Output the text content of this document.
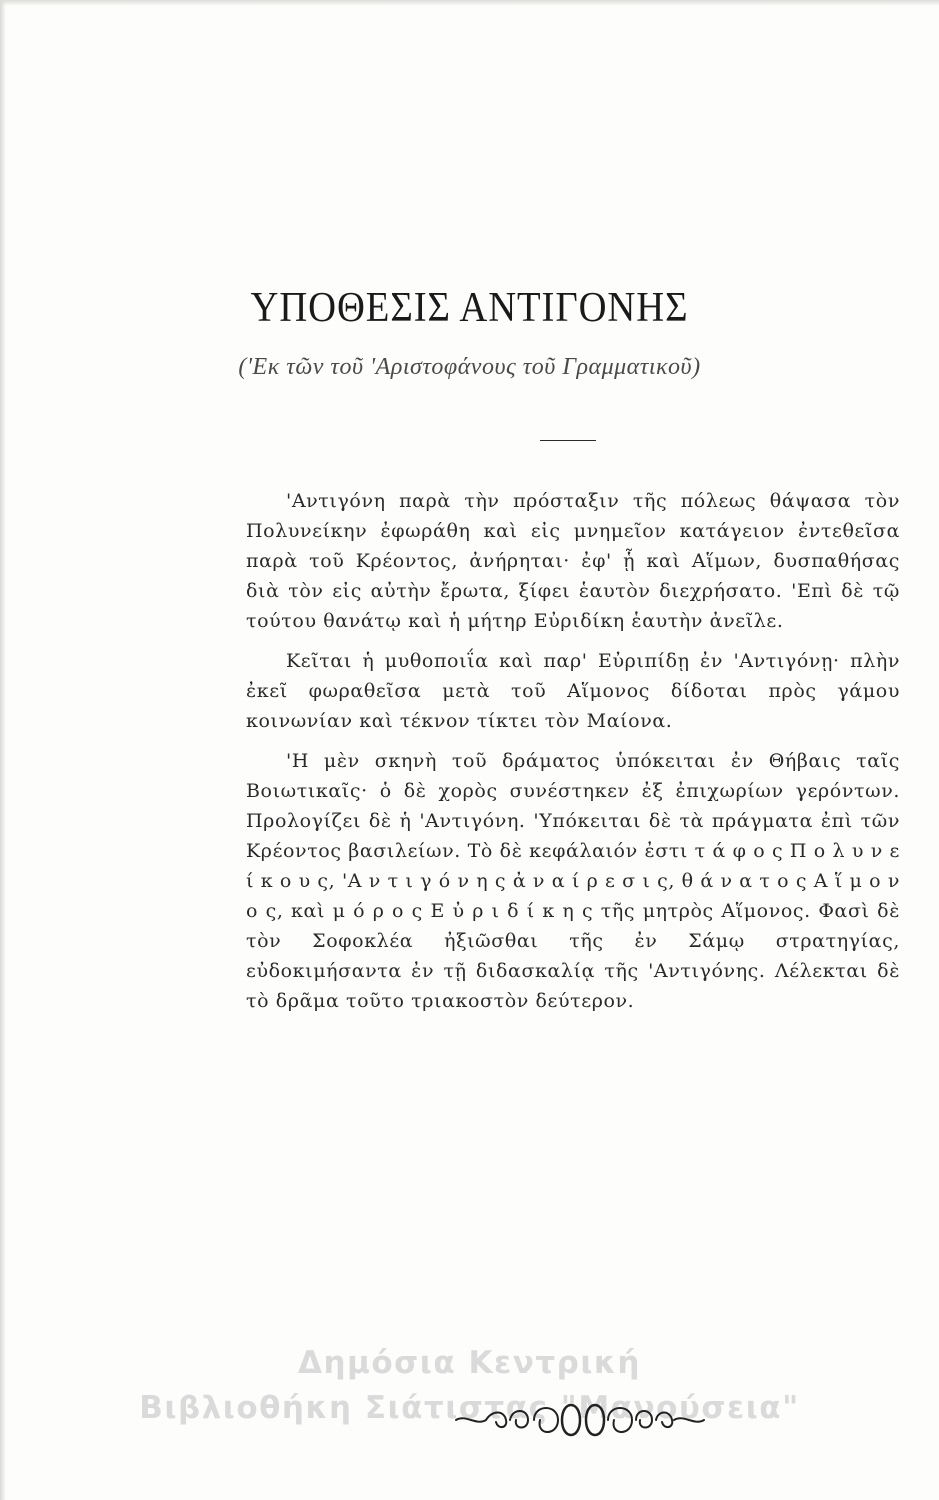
ΥΠΟΘΕΣΙΣ ΑΝΤΙΓΟΝΗΣ
('Εκ τῶν τοῦ 'Αριστοφάνους τοῦ Γραμματικοῦ)

'Αντιγόνη παρὰ τὴν πρόσταξιν τῆς πόλεως θάψασα τὸν Πολυνείκην ἐφωράθη καὶ εἰς μνημεῖον κατάγειον ἐντεθεῖσα παρὰ τοῦ Κρέοντος, ἀνήρηται· ἐφ' ᾗ καὶ Αἵμων, δυσπαθήσας διὰ τὸν εἰς αὐτὴν ἔρωτα, ξίφει ἑαυτὸν διεχρήσατο. 'Επὶ δὲ τῷ τούτου θανάτῳ καὶ ἡ μήτηρ Εὐριδίκη ἑαυτὴν ἀνεῖλε.

Κεῖται ἡ μυθοποιΐα καὶ παρ' Εὐριπίδῃ ἐν 'Αντιγόνῃ· πλὴν ἐκεῖ φωραθεῖσα μετὰ τοῦ Αἵμονος δίδοται πρὸς γάμου κοινωνίαν καὶ τέκνον τίκτει τὸν Μαίονα.

'Η μὲν σκηνὴ τοῦ δράματος ὑπόκειται ἐν Θήβαις ταῖς Βοιωτικαῖς· ὁ δὲ χορὸς συνέστηκεν ἐξ ἐπιχωρίων γερόντων. Προλογίζει δὲ ἡ 'Αντιγόνη. 'Υπόκειται δὲ τὰ πράγματα ἐπὶ τῶν Κρέοντος βασιλείων. Τὸ δὲ κεφάλαιόν ἐστι τ ά φ ο ς Π ο λ υ ν ε ί κ ο υ ς, 'Α ν τ ι γ ό ν η ς ἀ ν α ί ρ ε σ ι ς, θ ά ν α τ ο ς Α ἵ μ ο ν ο ς, καὶ μ ό ρ ο ς Ε ὐ ρ ι δ ί κ η ς τῆς μητρὸς Αἵμονος. Φασὶ δὲ τὸν Σοφοκλέα ἠξιῶσθαι τῆς ἐν Σάμῳ στρατηγίας, εὐδοκιμήσαντα ἐν τῇ διδασκαλίᾳ τῆς 'Αντιγόνης. Λέλεκται δὲ τὸ δρᾶμα τοῦτο τριακοστὸν δεύτερον.

Δημόσια Κεντρική
Βιβλιοθήκη Σιάτιστας "Μανούσεια"
